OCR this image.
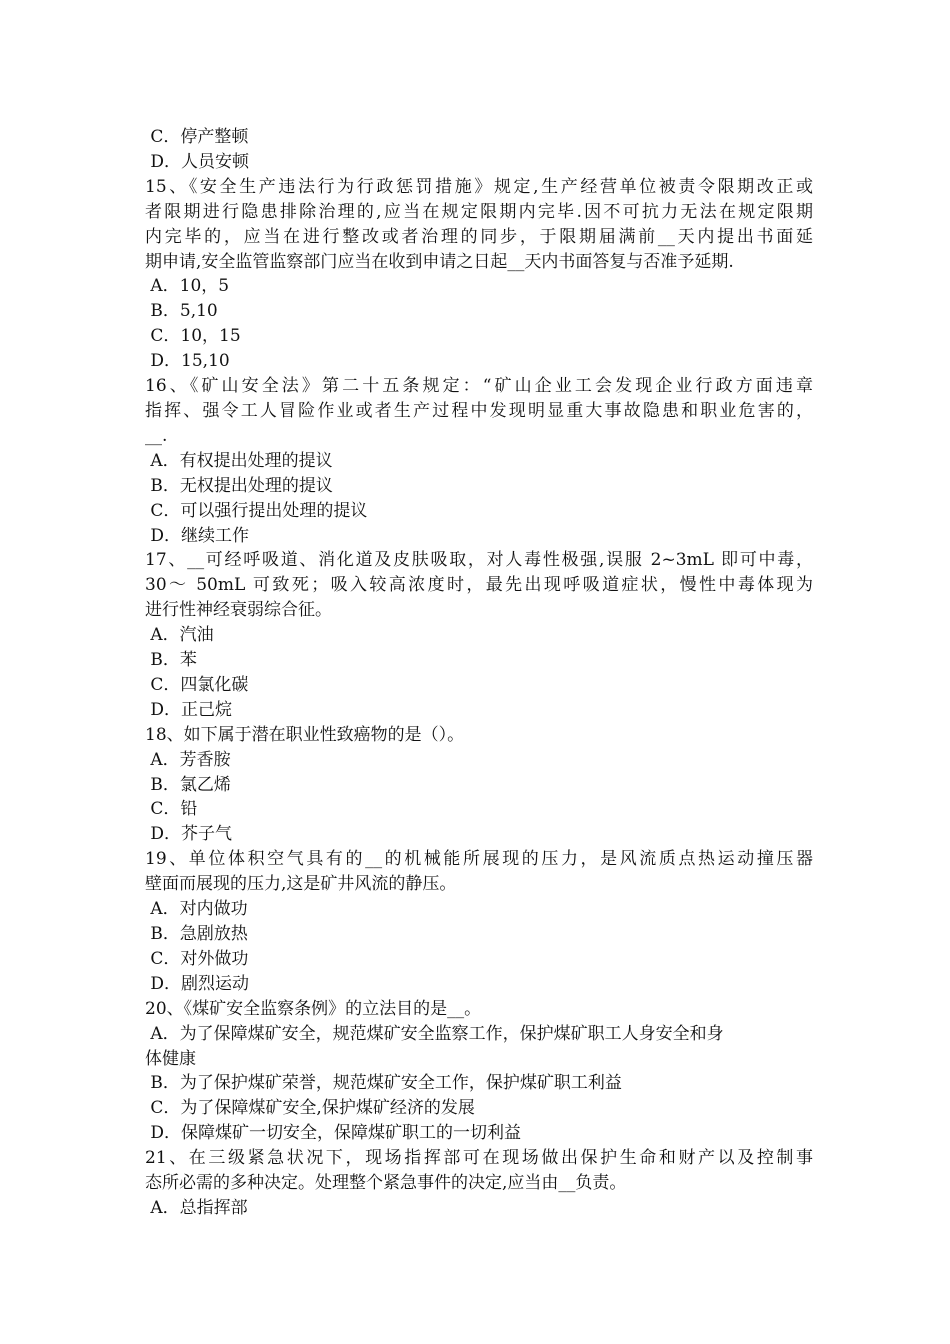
C．停产整顿
D．人员安顿
15、《安全生产违法行为行政惩罚措施》规定,生产经营单位被责令限期改正或
者限期进行隐患排除治理的,应当在规定限期内完毕.因不可抗力无法在规定限期
内完毕的，应当在进行整改或者治理的同步，于限期届满前__天内提出书面延
期申请,安全监管监察部门应当在收到申请之日起__天内书面答复与否准予延期.
A．10，5
B．5,10
C．10，15
D．15,10
16、《矿山安全法》第二十五条规定：“矿山企业工会发现企业行政方面违章
指挥、强令工人冒险作业或者生产过程中发现明显重大事故隐患和职业危害的，
__.
A．有权提出处理的提议
B．无权提出处理的提议
C．可以强行提出处理的提议
D．继续工作
17、__可经呼吸道、消化道及皮肤吸取，对人毒性极强,误服 2~3mL 即可中毒，
30～ 50mL 可致死；吸入较高浓度时，最先出现呼吸道症状，慢性中毒体现为
进行性神经衰弱综合征。
A．汽油
B．苯
C．四氯化碳
D．正己烷
18、如下属于潜在职业性致癌物的是（）。
A．芳香胺
B．氯乙烯
C．铅
D．芥子气
19、单位体积空气具有的__的机械能所展现的压力，是风流质点热运动撞压器
壁面而展现的压力,这是矿井风流的静压。
A．对内做功
B．急剧放热
C．对外做功
D．剧烈运动
20、《煤矿安全监察条例》的立法目的是__。
A．为了保障煤矿安全，规范煤矿安全监察工作，保护煤矿职工人身安全和身
体健康
B．为了保护煤矿荣誉，规范煤矿安全工作，保护煤矿职工利益
C．为了保障煤矿安全,保护煤矿经济的发展
D．保障煤矿一切安全，保障煤矿职工的一切利益
21、在三级紧急状况下，现场指挥部可在现场做出保护生命和财产以及控制事
态所必需的多种决定。处理整个紧急事件的决定,应当由__负责。
A．总指挥部
